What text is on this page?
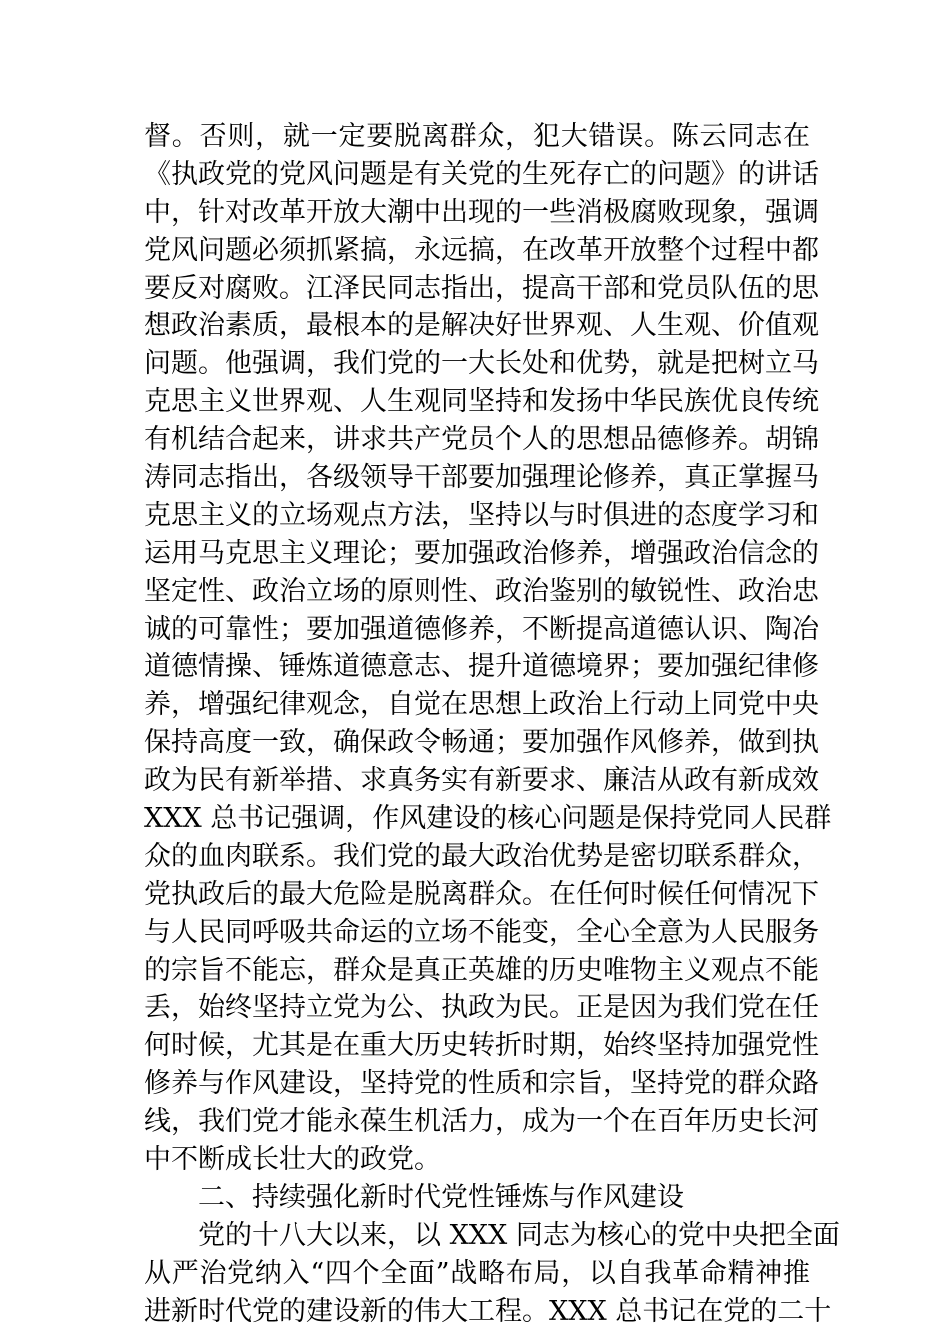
督。否则，就一定要脱离群众，犯大错误。陈云同志在
《执政党的党风问题是有关党的生死存亡的问题》的讲话
中，针对改革开放大潮中出现的一些消极腐败现象，强调
党风问题必须抓紧搞，永远搞，在改革开放整个过程中都
要反对腐败。江泽民同志指出，提高干部和党员队伍的思
想政治素质，最根本的是解决好世界观、人生观、价值观
问题。他强调，我们党的一大长处和优势，就是把树立马
克思主义世界观、人生观同坚持和发扬中华民族优良传统
有机结合起来，讲求共产党员个人的思想品德修养。胡锦
涛同志指出，各级领导干部要加强理论修养，真正掌握马
克思主义的立场观点方法，坚持以与时俱进的态度学习和
运用马克思主义理论；要加强政治修养，增强政治信念的
坚定性、政治立场的原则性、政治鉴别的敏锐性、政治忠
诚的可靠性；要加强道德修养，不断提高道德认识、陶冶
道德情操、锤炼道德意志、提升道德境界；要加强纪律修
养，增强纪律观念，自觉在思想上政治上行动上同党中央
保持高度一致，确保政令畅通；要加强作风修养，做到执
政为民有新举措、求真务实有新要求、廉洁从政有新成效
XXX 总书记强调，作风建设的核心问题是保持党同人民群
众的血肉联系。我们党的最大政治优势是密切联系群众，
党执政后的最大危险是脱离群众。在任何时候任何情况下
与人民同呼吸共命运的立场不能变，全心全意为人民服务
的宗旨不能忘，群众是真正英雄的历史唯物主义观点不能
丢，始终坚持立党为公、执政为民。正是因为我们党在任
何时候，尤其是在重大历史转折时期，始终坚持加强党性
修养与作风建设，坚持党的性质和宗旨，坚持党的群众路
线，我们党才能永葆生机活力，成为一个在百年历史长河
中不断成长壮大的政党。
二、持续强化新时代党性锤炼与作风建设
党的十八大以来，以 XXX 同志为核心的党中央把全面
从严治党纳入“四个全面”战略布局，以自我革命精神推
进新时代党的建设新的伟大工程。XXX 总书记在党的二十
